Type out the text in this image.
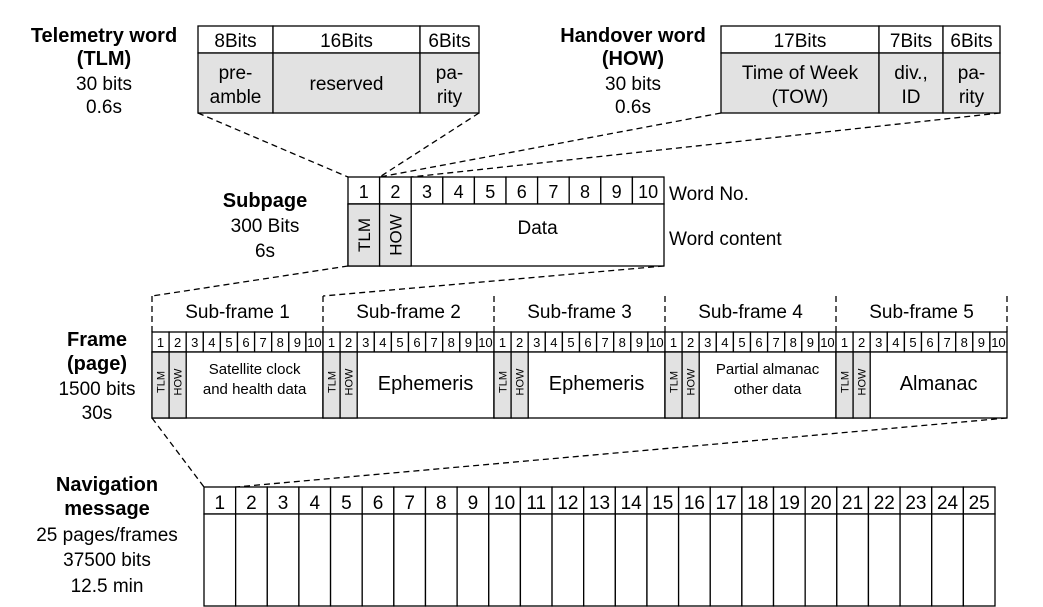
Telemetry word
(TLM)
30 bits
0.6s
Handover word
(HOW)
30 bits
0.6s
Subpage
300 Bits
6s
Frame
(page)
1500 bits
30s
Navigation
message
25 pages/frames
37500 bits
12.5 min
Word No.
Word content
8Bits
pre-
amble
16Bits
reserved
6Bits
pa-
rity
17Bits
Time of Week
(TOW)
7Bits
div.,
ID
6Bits
pa-
rity
1 2 3 4 5 6 7 8 9 10
TLM HOW	Data
Sub-frame 1
1 2 3 4 5 6 7 8 9 10
TLM HOW Satellite clock
and health data
Sub-frame 2
1 2 3 4 5 6 7 8 9 10
TLM HOW Ephemeris
Sub-frame 3
1 2 3 4 5 6 7 8 9 10
TLM HOW Ephemeris
Sub-frame 4
1 2 3 4 5 6 7 8 9 10
TLM HOW Partial almanac
other data
Sub-frame 5
1 2 3 4 5 6 7 8 9 10
TLM HOW Almanac
1 2 3 4 5 6 7 8 9 10 11 12 13 14 15 16 17 18 19 20 21 22 23 24 25
